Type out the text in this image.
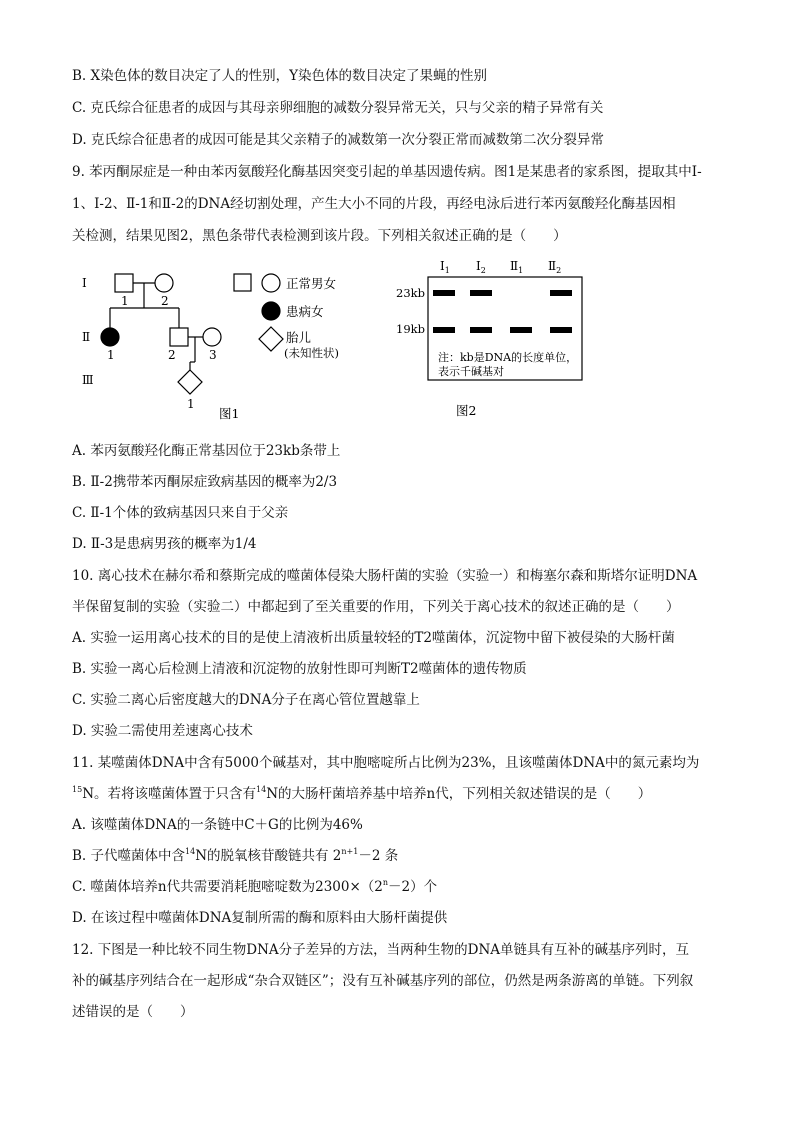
B. X染色体的数目决定了人的性别，Y染色体的数目决定了果蝇的性别
C. 克氏综合征患者的成因与其母亲卵细胞的减数分裂异常无关，只与父亲的精子异常有关
D. 克氏综合征患者的成因可能是其父亲精子的减数第一次分裂正常而减数第二次分裂异常
9. 苯丙酮尿症是一种由苯丙氨酸羟化酶基因突变引起的单基因遗传病。图1是某患者的家系图，提取其中Ⅰ-
1、Ⅰ-2、Ⅱ-1和Ⅱ-2的DNA经切割处理，产生大小不同的片段，再经电泳后进行苯丙氨酸羟化酶基因相
关检测，结果见图2，黑色条带代表检测到该片段。下列相关叙述正确的是（　　）
Ⅰ
Ⅱ
Ⅲ
1	2
1	2	3
1
正常男女
患病女
胎儿
(未知性状)
图1
$Ⅰ_1$ $Ⅰ_2$ $Ⅱ_1$ $Ⅱ_2$
23kb
19kb
注：kb是DNA的长度单位，
表示千碱基对
图2
A. 苯丙氨酸羟化酶正常基因位于23kb条带上
B. Ⅱ-2携带苯丙酮尿症致病基因的概率为2/3
C. Ⅱ-1个体的致病基因只来自于父亲
D. Ⅱ-3是患病男孩的概率为1/4
10. 离心技术在赫尔希和蔡斯完成的噬菌体侵染大肠杆菌的实验（实验一）和梅塞尔森和斯塔尔证明DNA
半保留复制的实验（实验二）中都起到了至关重要的作用，下列关于离心技术的叙述正确的是（　　）
A. 实验一运用离心技术的目的是使上清液析出质量较轻的T2噬菌体，沉淀物中留下被侵染的大肠杆菌
B. 实验一离心后检测上清液和沉淀物的放射性即可判断T2噬菌体的遗传物质
C. 实验二离心后密度越大的DNA分子在离心管位置越靠上
D. 实验二需使用差速离心技术
11. 某噬菌体DNA中含有5000个碱基对，其中胞嘧啶所占比例为23%，且该噬菌体DNA中的氮元素均为
$^{15}$N。若将该噬菌体置于只含有$^{14}$N的大肠杆菌培养基中培养n代，下列相关叙述错误的是（　　）
A. 该噬菌体DNA的一条链中C＋G的比例为46%
B. 子代噬菌体中含$^{14}$N的脱氧核苷酸链共有 $2^{n+1}-2$ 条
C. 噬菌体培养n代共需要消耗胞嘧啶数为$2300\times(2^n-2)$个
D. 在该过程中噬菌体DNA复制所需的酶和原料由大肠杆菌提供
12. 下图是一种比较不同生物DNA分子差异的方法，当两种生物的DNA单链具有互补的碱基序列时，互
补的碱基序列结合在一起形成“杂合双链区”；没有互补碱基序列的部位，仍然是两条游离的单链。下列叙
述错误的是（　　）
